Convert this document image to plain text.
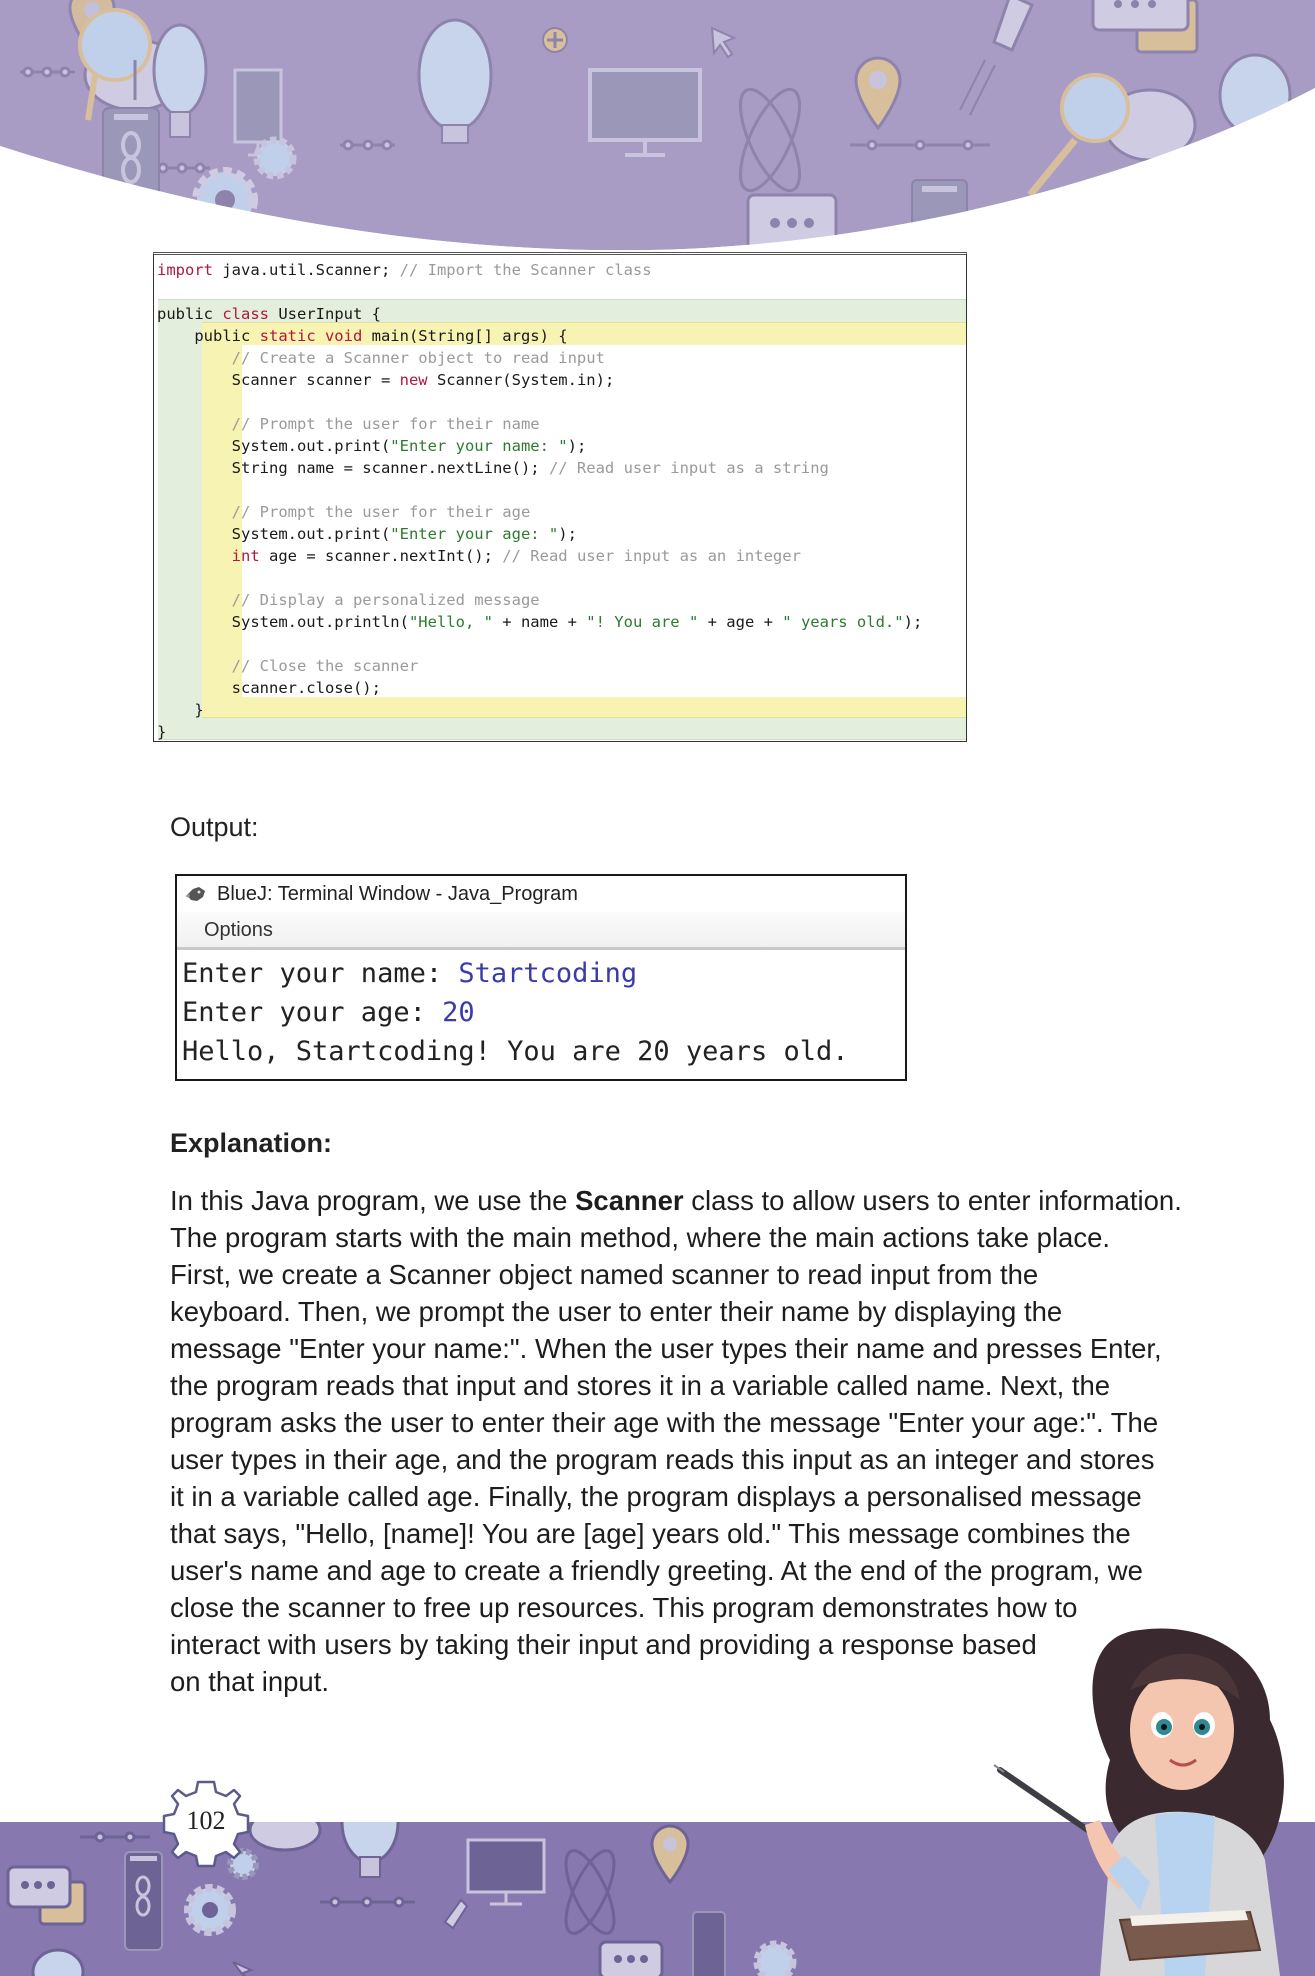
import java.util.Scanner; // Import the Scanner class
public class UserInput {
public static void main(String[] args) {
// Create a Scanner object to read input
Scanner scanner = new Scanner(System.in);
// Prompt the user for their name
System.out.print("Enter your name: ");
String name = scanner.nextLine(); // Read user input as a string
// Prompt the user for their age
System.out.print("Enter your age: ");
int age = scanner.nextInt(); // Read user input as an integer
// Display a personalized message
System.out.println("Hello, " + name + "! You are " + age + " years old.");
// Close the scanner
scanner.close();
}
}
Output:
BlueJ: Terminal Window - Java_Program
Options
Enter your name: Startcoding
Enter your age: 20
Hello, Startcoding! You are 20 years old.
Explanation:
In this Java program, we use the Scanner class to allow users to enter information.
The program starts with the main method, where the main actions take place.
First, we create a Scanner object named scanner to read input from the
keyboard. Then, we prompt the user to enter their name by displaying the
message "Enter your name:". When the user types their name and presses Enter,
the program reads that input and stores it in a variable called name. Next, the
program asks the user to enter their age with the message "Enter your age:". The
user types in their age, and the program reads this input as an integer and stores
it in a variable called age. Finally, the program displays a personalised message
that says, "Hello, [name]! You are [age] years old." This message combines the
user's name and age to create a friendly greeting. At the end of the program, we
close the scanner to free up resources. This program demonstrates how to
interact with users by taking their input and providing a response based
on that input.
102
